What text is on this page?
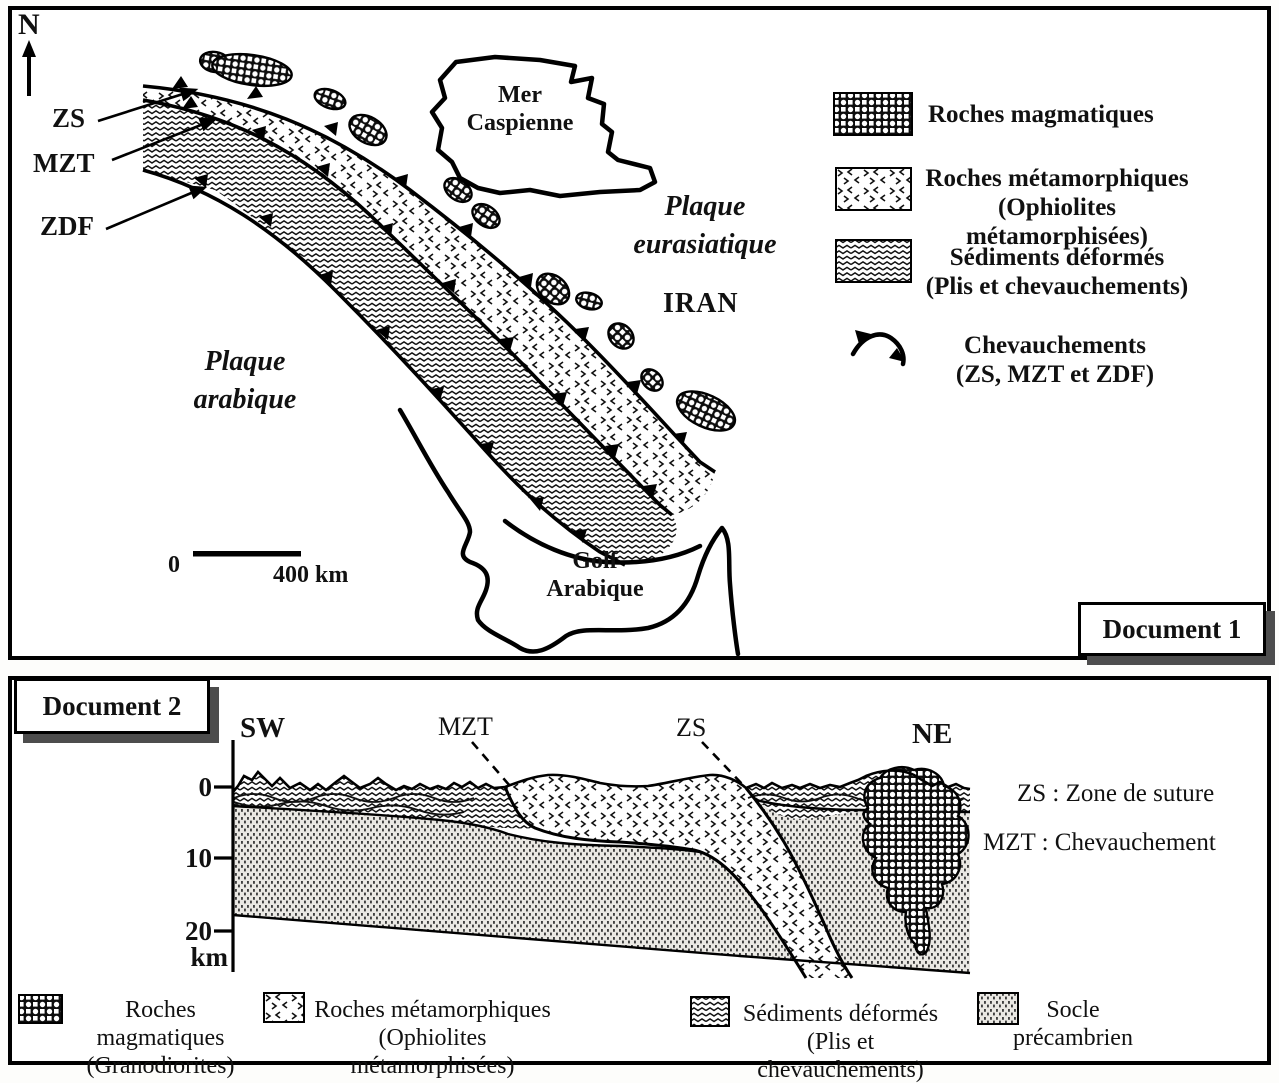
N
ZS
MZT
ZDF
Mer
Caspienne
Plaque
eurasiatique
IRAN
Plaque
arabique
Golf
Arabique
0	400 km
Roches magmatiques
Roches métamorphiques
(Ophiolites métamorphisées)
Sédiments déformés
(Plis et chevauchements)
Chevauchements
(ZS, MZT et ZDF)
Document 1
Document 2
SW	NE
MZT	ZS
0
10
20
km
ZS : Zone de suture
MZT : Chevauchement
Roches magmatiques
(Granodiorites)
Roches métamorphiques
(Ophiolites métamorphisées)
Sédiments déformés
(Plis et chevauchements)
Socle
précambrien
